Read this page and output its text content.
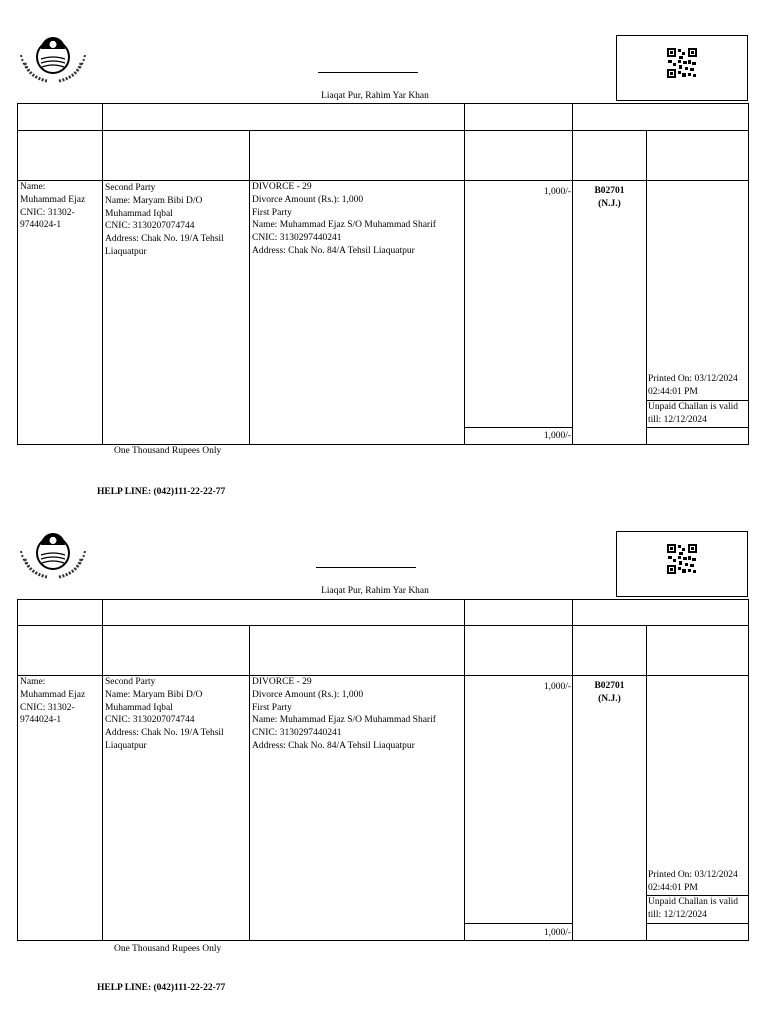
Liaqat Pur, Rahim Yar Khan
Name:
Muhammad Ejaz
CNIC: 31302-
9744024-1
Second Party
Name: Maryam Bibi D/O
Muhammad Iqbal
CNIC: 3130207074744
Address: Chak No. 19/A Tehsil
Liaquatpur
DIVORCE - 29
Divorce Amount (Rs.): 1,000
First Party
Name: Muhammad Ejaz S/O Muhammad Sharif
CNIC: 3130297440241
Address: Chak No. 84/A Tehsil Liaquatpur
1,000/-	B02701
(N.J.)
Printed On: 03/12/2024
02:44:01 PM
Unpaid Challan is valid
till: 12/12/2024
1,000/-
One Thousand Rupees Only
HELP LINE: (042)111-22-22-77
Liaqat Pur, Rahim Yar Khan
Name:
Muhammad Ejaz
CNIC: 31302-
9744024-1
Second Party
Name: Maryam Bibi D/O
Muhammad Iqbal
CNIC: 3130207074744
Address: Chak No. 19/A Tehsil
Liaquatpur
DIVORCE - 29
Divorce Amount (Rs.): 1,000
First Party
Name: Muhammad Ejaz S/O Muhammad Sharif
CNIC: 3130297440241
Address: Chak No. 84/A Tehsil Liaquatpur
1,000/-	B02701
(N.J.)
Printed On: 03/12/2024
02:44:01 PM
Unpaid Challan is valid
till: 12/12/2024
1,000/-
One Thousand Rupees Only
HELP LINE: (042)111-22-22-77
